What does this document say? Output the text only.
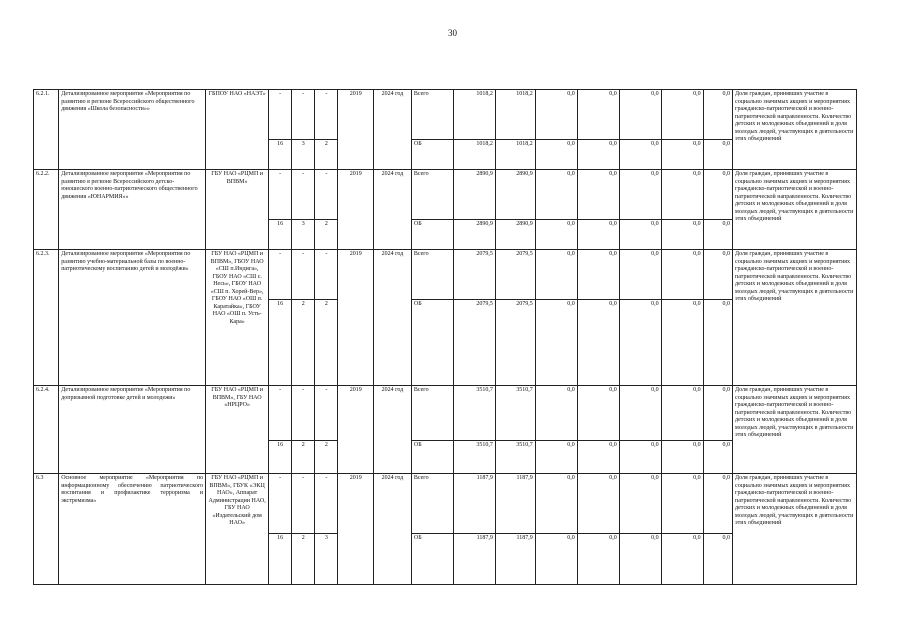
30
6.2.1.	Детализированное мероприятие «Мероприятия по развитию в регионе Всероссийского общественного движения «Школа безопасности»»	ГБПОУ НАО «НАЭТ»	-	-	-	2019	2024 год	Всего	1018,2	1018,2	0,0	0,0	0,0	0,0	0,0	Доля граждан, принявших участие в социально значимых акциях и мероприятиях гражданско-патриотической и военно-патриотической направленности. Количество детских и молодежных объединений и доля молодых людей, участвующих в деятельности этих объединений
			16	3	2			ОБ	1018,2	1018,2	0,0	0,0	0,0	0,0	0,0	
6.2.2.	Детализированное мероприятие «Мероприятия по развитию в регионе Всероссийского детско-юношеского военно-патриотического общественного движения «ЮНАРМИЯ»»	ГБУ НАО «РЦМП и ВПВМ»	-	-	-	2019	2024 год	Всего	2890,9	2890,9	0,0	0,0	0,0	0,0	0,0	Доля граждан, принявших участие в социально значимых акциях и мероприятиях гражданско-патриотической и военно-патриотической направленности. Количество детских и молодежных объединений и доля молодых людей, участвующих в деятельности этих объединений
			16	3	2			ОБ	2890,9	2890,9	0,0	0,0	0,0	0,0	0,0	
6.2.3.	Детализированное мероприятие «Мероприятия по развитию учебно-материальной базы по военно-патриотическому воспитанию детей и молодёжи»	ГБУ НАО «РЦМП и ВПВМ», ГБОУ НАО «СШ п.Индига», ГБОУ НАО «СШ с. Несь», ГБОУ НАО «СШ п. Хорей-Вер», ГБОУ НАО «ОШ п. Каратайка», ГБОУ НАО «ОШ п. Усть-Кара»	-	-	-	2019	2024 год	Всего	2079,5	2079,5	0,0	0,0	0,0	0,0	0,0	Доля граждан, принявших участие в социально значимых акциях и мероприятиях гражданско-патриотической и военно-патриотической направленности. Количество детских и молодежных объединений и доля молодых людей, участвующих в деятельности этих объединений
			16	2	2			ОБ	2079,5	2079,5	0,0	0,0	0,0	0,0	0,0	
6.2.4.	Детализированное мероприятие «Мероприятия по допризывной подготовке детей и молодежи»	ГБУ НАО «РЦМП и ВПВМ», ГБУ НАО «НРЦРО»	-	-	-	2019	2024 год	Всего	3510,7	3510,7	0,0	0,0	0,0	0,0	0,0	Доля граждан, принявших участие в социально значимых акциях и мероприятиях гражданско-патриотической и военно-патриотической направленности. Количество детских и молодежных объединений и доля молодых людей, участвующих в деятельности этих объединений
			16	2	2			ОБ	3510,7	3510,7	0,0	0,0	0,0	0,0	0,0	
6.3	Основное мероприятие «Мероприятия по информационному обеспечению патриотического воспитания и профилактике терроризма и экстремизма»	ГБУ НАО «РЦМП и ВПВМ», ГБУК «ЭКЦ НАО», Аппарат Администрации НАО, ГБУ НАО «Издательский дом НАО»	-	-	-	2019	2024 год	Всего	1187,9	1187,9	0,0	0,0	0,0	0,0	0,0	Доля граждан, принявших участие в социально значимых акциях и мероприятиях гражданско-патриотической и военно-патриотической направленности. Количество детских и молодежных объединений и доля молодых людей, участвующих в деятельности этих объединений
			16	2	3			ОБ	1187,9	1187,9	0,0	0,0	0,0	0,0	0,0	
